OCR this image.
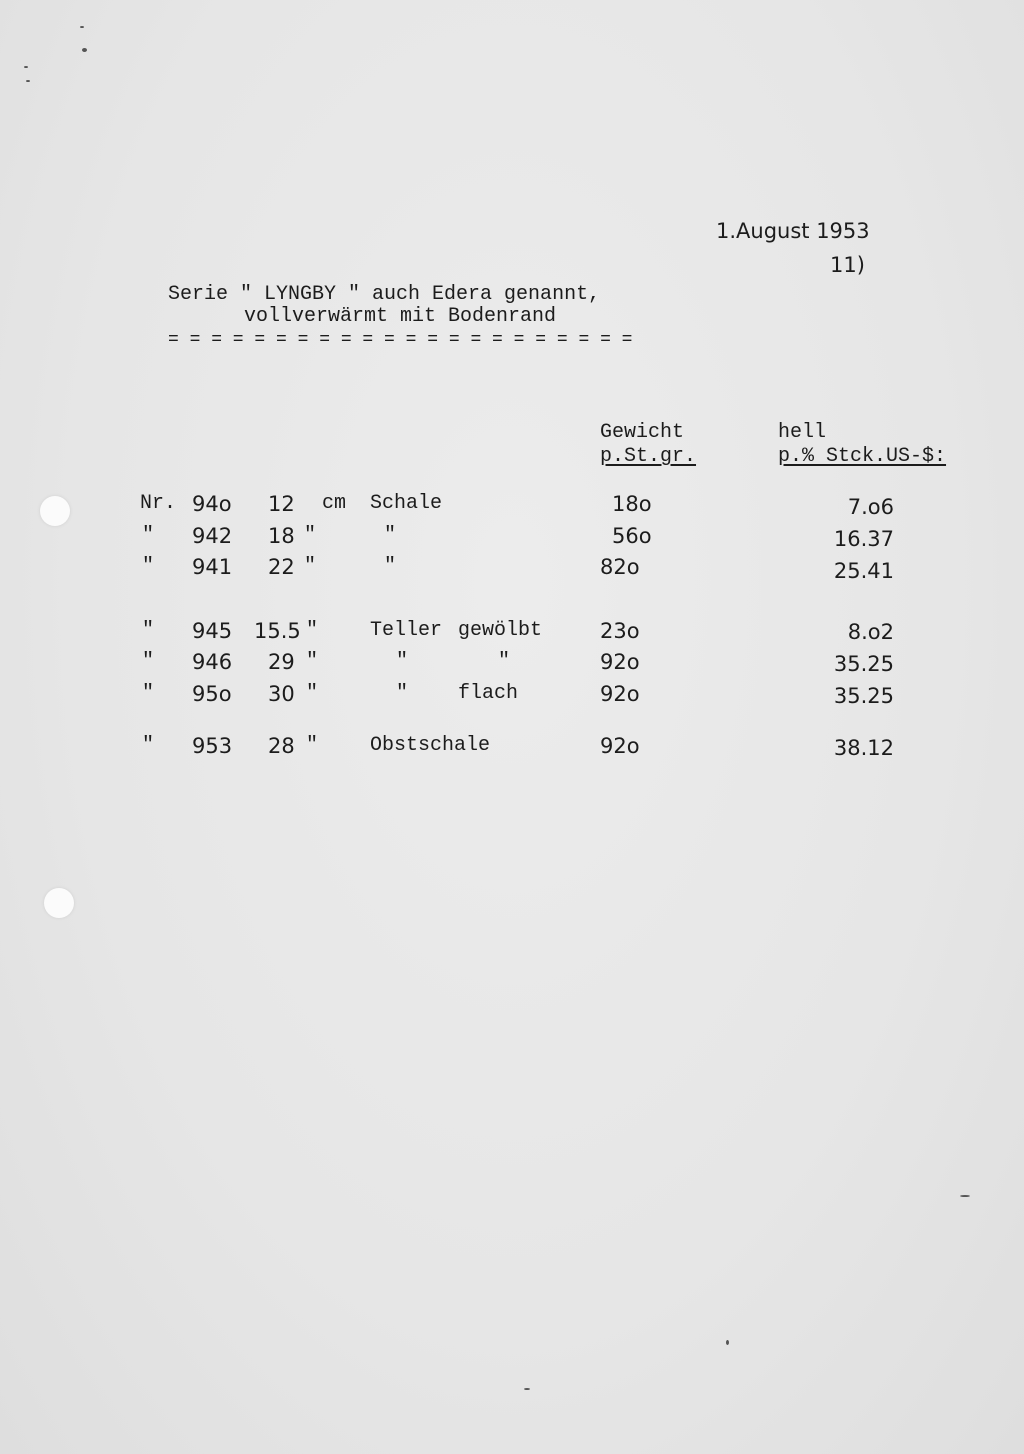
1.August 1953
11)
Serie " LYNGBY " auch Edera genannt,
vollverwärmt mit Bodenrand
= = = = = = = = = = = = = = = = = = = = = =
Gewicht
p.St.gr.
hell
p.% Stck.US-$:
Nr. 94o 12 cm Schale	18o	7.o6
" 942 18 "	"	56o	16.37
" 941 22 "	"	82o	25.41
" 945 15.5 "	Teller gewölbt	23o	8.o2
" 946 29 "	"	"	92o	35.25
" 95o 30 "	" flach	92o	35.25
" 953 28 "	Obstschale	92o	38.12
